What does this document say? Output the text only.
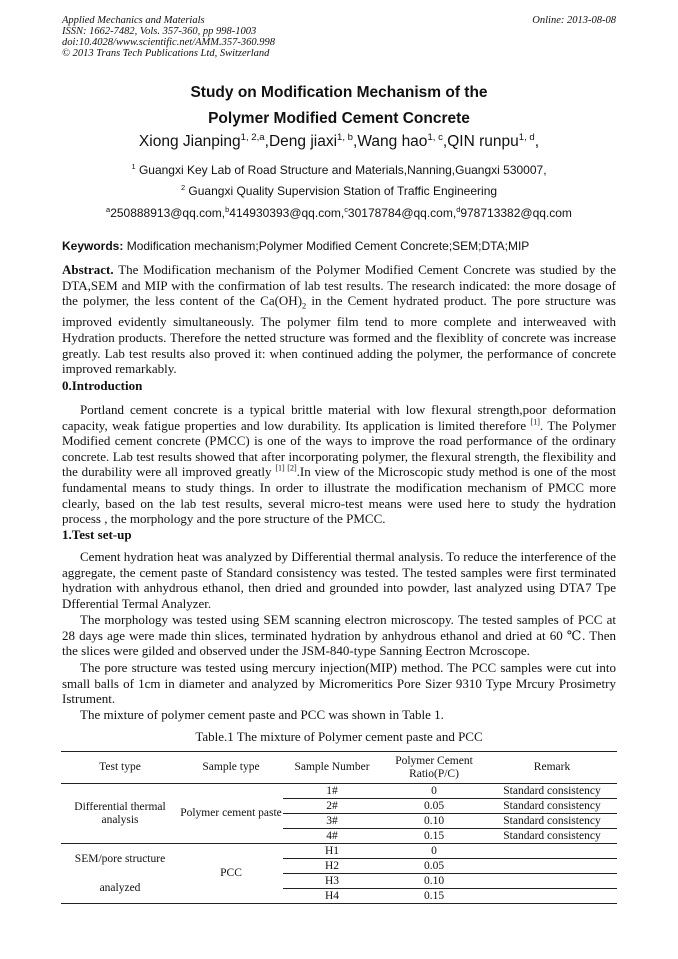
Applied Mechanics and Materials
ISSN: 1662-7482, Vols. 357-360, pp 998-1003
doi:10.4028/www.scientific.net/AMM.357-360.998
© 2013 Trans Tech Publications Ltd, Switzerland
Online: 2013-08-08
Study on Modification Mechanism of the
Polymer Modified Cement Concrete
Xiong Jianping$^{1, 2,a}$,Deng jiaxi$^{1, b}$,Wang hao$^{1, c}$,QIN runpu$^{1, d}$,
$^1$ Guangxi Key Lab of Road Structure and Materials,Nanning,Guangxi 530007,
$^2$ Guangxi Quality Supervision Station of Traffic Engineering
$^a$250888913@qq.com,$^b$414930393@qq.com,$^c$30178784@qq.com,$^d$978713382@qq.com
Keywords: Modification mechanism;Polymer Modified Cement Concrete;SEM;DTA;MIP
Abstract. The Modification mechanism of the Polymer Modified Cement Concrete was studied by the DTA,SEM and MIP with the confirmation of lab test results. The research indicated: the more dosage of the polymer, the less content of the $Ca(OH)_2$ in the Cement hydrated product. The pore structure was improved evidently simultaneously. The polymer film tend to more complete and interweaved with Hydration products. Therefore the netted structure was formed and the flexiblity of concrete was increase greatly. Lab test results also proved it: when continued adding the polymer, the performance of concrete improved remarkably.
0.Introduction
Portland cement concrete is a typical brittle material with low flexural strength,poor deformation capacity, weak fatigue properties and low durability. Its application is limited therefore [1]. The Polymer Modified cement concrete (PMCC) is one of the ways to improve the road performance of the ordinary concrete. Lab test results showed that after incorporating polymer, the flexural strength, the flexibility and the durability were all improved greatly [1] [2].In view of the Microscopic study method is one of the most fundamental means to study things. In order to illustrate the modification mechanism of PMCC more clearly, based on the lab test results, several micro-test means were used here to study the hydration process , the morphology and the pore structure of the PMCC.
1.Test set-up
Cement hydration heat was analyzed by Differential thermal analysis. To reduce the interference of the aggregate, the cement paste of Standard consistency was tested. The tested samples were first terminated hydration with anhydrous ethanol, then dried and grounded into powder, last analyzed using DTA7 Tpe Dfferential Termal Analyzer.
The morphology was tested using SEM scanning electron microscopy. The tested samples of PCC at 28 days age were made thin slices, terminated hydration by anhydrous ethanol and dried at 60 ℃. Then the slices were gilded and observed under the JSM-840-type Sanning Eectron Mcroscope.
The pore structure was tested using mercury injection(MIP) method. The PCC samples were cut into small balls of 1cm in diameter and analyzed by Micromeritics Pore Sizer 9310 Type Mrcury Prosimetry Istrument.
The mixture of polymer cement paste and PCC was shown in Table 1.
Table.1 The mixture of Polymer cement paste and PCC
Test type	Sample type	Sample Number	Polymer Cement Ratio(P/C)	Remark
Differential thermal analysis	Polymer cement paste	1#	0	Standard consistency
		2#	0.05	Standard consistency
		3#	0.10	Standard consistency
		4#	0.15	Standard consistency

SEM/pore structure
analyzed	PCC	H1	0	
		H2	0.05	
		H3	0.10	
		H4	0.15	
